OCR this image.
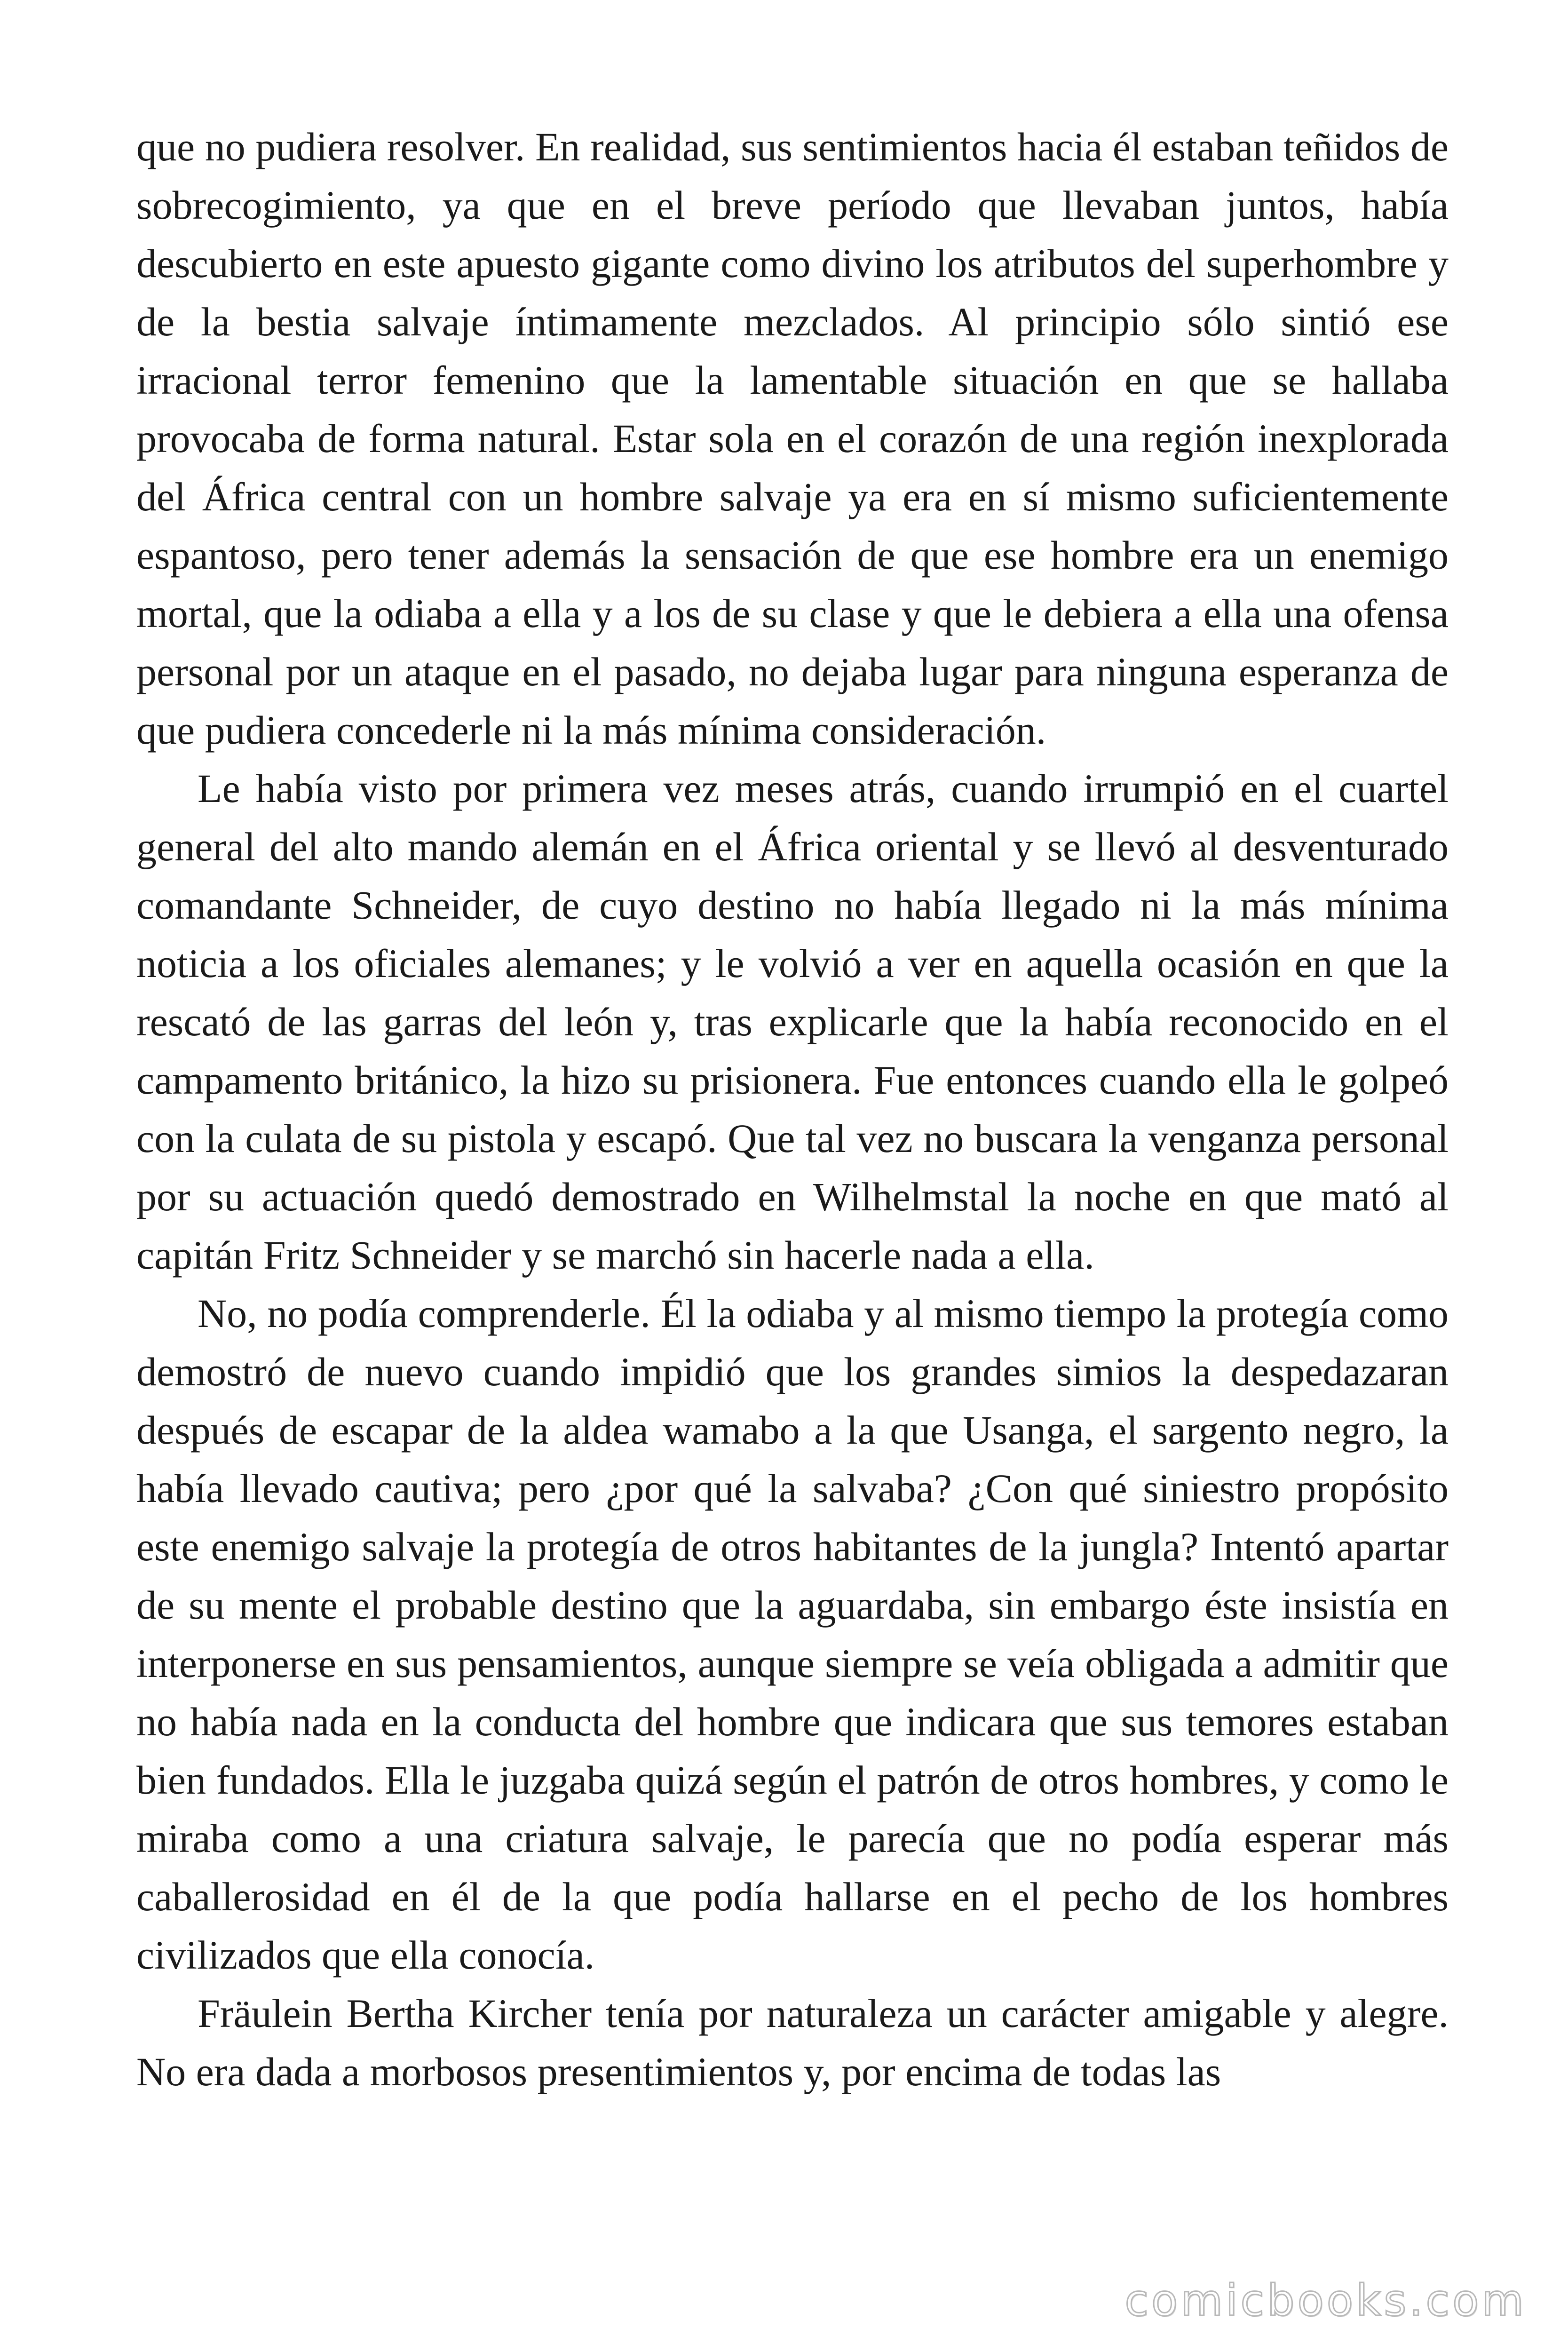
que no pudiera resolver. En realidad, sus sentimientos hacia él estaban teñidos de sobrecogimiento, ya que en el breve período que llevaban juntos, había descubierto en este apuesto gigante como divino los atributos del superhombre y de la bestia salvaje íntimamente mezclados. Al principio sólo sintió ese irracional terror femenino que la lamentable situación en que se hallaba provocaba de forma natural. Estar sola en el corazón de una región inexplorada del África central con un hombre salvaje ya era en sí mismo suficientemente espantoso, pero tener además la sensación de que ese hombre era un enemigo mortal, que la odiaba a ella y a los de su clase y que le debiera a ella una ofensa personal por un ataque en el pasado, no dejaba lugar para ninguna esperanza de que pudiera concederle ni la más mínima consideración.

Le había visto por primera vez meses atrás, cuando irrumpió en el cuartel general del alto mando alemán en el África oriental y se llevó al desventurado comandante Schneider, de cuyo destino no había llegado ni la más mínima noticia a los oficiales alemanes; y le volvió a ver en aquella ocasión en que la rescató de las garras del león y, tras explicarle que la había reconocido en el campamento británico, la hizo su prisionera. Fue entonces cuando ella le golpeó con la culata de su pistola y escapó. Que tal vez no buscara la venganza personal por su actuación quedó demostrado en Wilhelmstal la noche en que mató al capitán Fritz Schneider y se marchó sin hacerle nada a ella.

No, no podía comprenderle. Él la odiaba y al mismo tiempo la protegía como demostró de nuevo cuando impidió que los grandes simios la despedazaran después de escapar de la aldea wamabo a la que Usanga, el sargento negro, la había llevado cautiva; pero ¿por qué la salvaba? ¿Con qué siniestro propósito este enemigo salvaje la protegía de otros habitantes de la jungla? Intentó apartar de su mente el probable destino que la aguardaba, sin embargo éste insistía en interponerse en sus pensamientos, aunque siempre se veía obligada a admitir que no había nada en la conducta del hombre que indicara que sus temores estaban bien fundados. Ella le juzgaba quizá según el patrón de otros hombres, y como le miraba como a una criatura salvaje, le parecía que no podía esperar más caballerosidad en él de la que podía hallarse en el pecho de los hombres civilizados que ella conocía.

Fräulein Bertha Kircher tenía por naturaleza un carácter amigable y alegre. No era dada a morbosos presentimientos y, por encima de todas las

comicbooks.com
